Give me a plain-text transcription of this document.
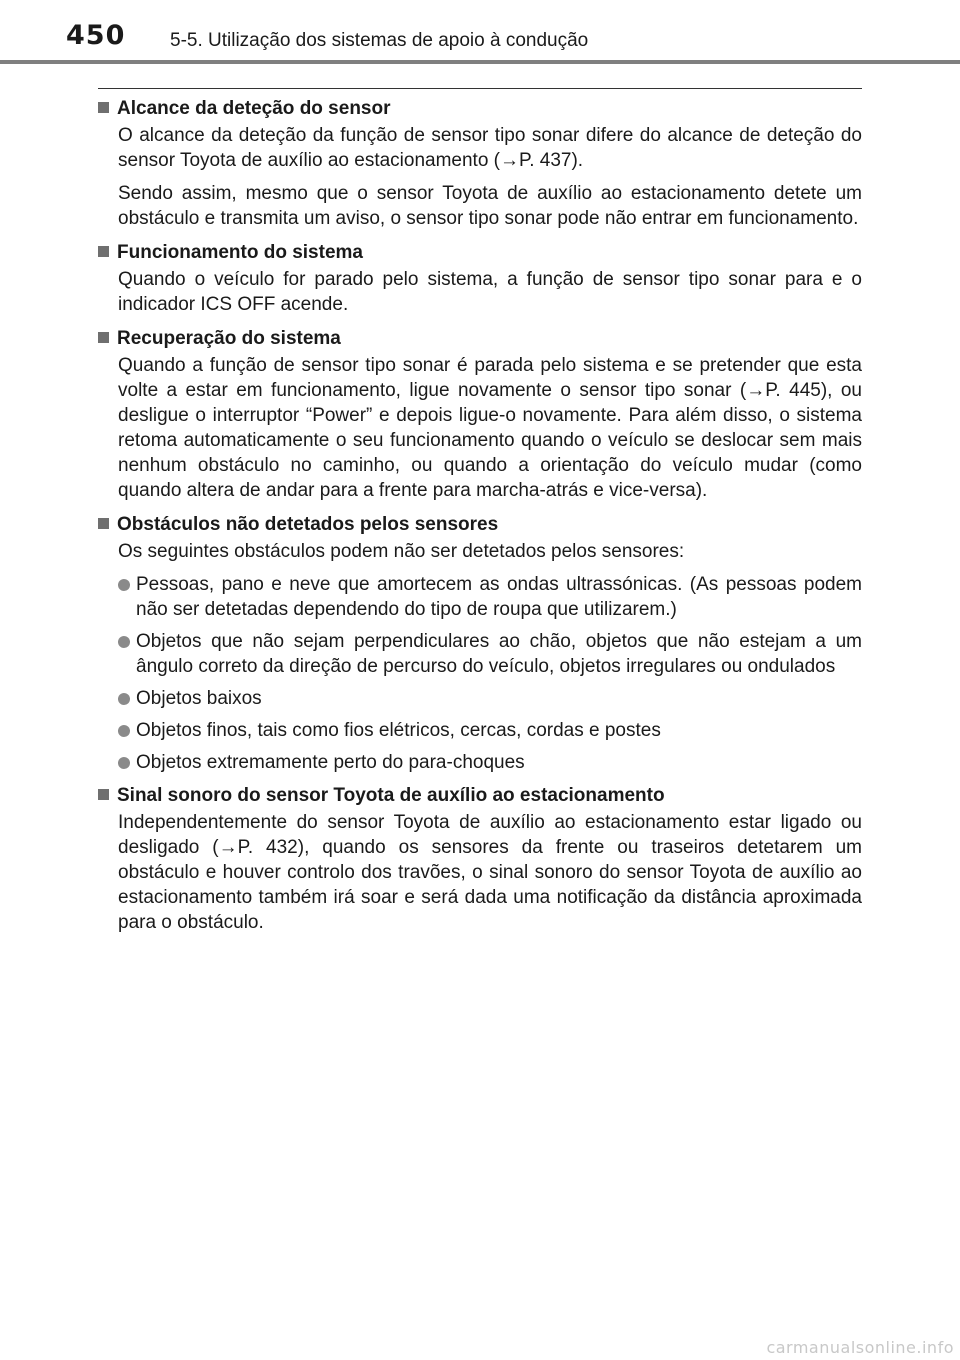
450 5-5. Utilização dos sistemas de apoio à condução
Alcance da deteção do sensor

O alcance da deteção da função de sensor tipo sonar difere do alcance de deteção do sensor Toyota de auxílio ao estacionamento (→P. 437).

Sendo assim, mesmo que o sensor Toyota de auxílio ao estacionamento detete um obstáculo e transmita um aviso, o sensor tipo sonar pode não entrar em funcionamento.

Funcionamento do sistema

Quando o veículo for parado pelo sistema, a função de sensor tipo sonar para e o indicador ICS OFF acende.

Recuperação do sistema

Quando a função de sensor tipo sonar é parada pelo sistema e se pretender que esta volte a estar em funcionamento, ligue novamente o sensor tipo sonar (→P. 445), ou desligue o interruptor “Power” e depois ligue-o novamente. Para além disso, o sistema retoma automaticamente o seu funcionamento quando o veículo se deslocar sem mais nenhum obstáculo no caminho, ou quando a orientação do veículo mudar (como quando altera de andar para a frente para marcha-atrás e vice-versa).

Obstáculos não detetados pelos sensores

Os seguintes obstáculos podem não ser detetados pelos sensores:

Pessoas, pano e neve que amortecem as ondas ultrassónicas. (As pessoas podem não ser detetadas dependendo do tipo de roupa que utilizarem.)
Objetos que não sejam perpendiculares ao chão, objetos que não estejam a um ângulo correto da direção de percurso do veículo, objetos irregulares ou ondulados
Objetos baixos
Objetos finos, tais como fios elétricos, cercas, cordas e postes
Objetos extremamente perto do para-choques
Sinal sonoro do sensor Toyota de auxílio ao estacionamento

Independentemente do sensor Toyota de auxílio ao estacionamento estar ligado ou desligado (→P. 432), quando os sensores da frente ou traseiros detetarem um obstáculo e houver controlo dos travões, o sinal sonoro do sensor Toyota de auxílio ao estacionamento também irá soar e será dada uma notificação da distância aproximada para o obstáculo.

carmanualsonline.info
